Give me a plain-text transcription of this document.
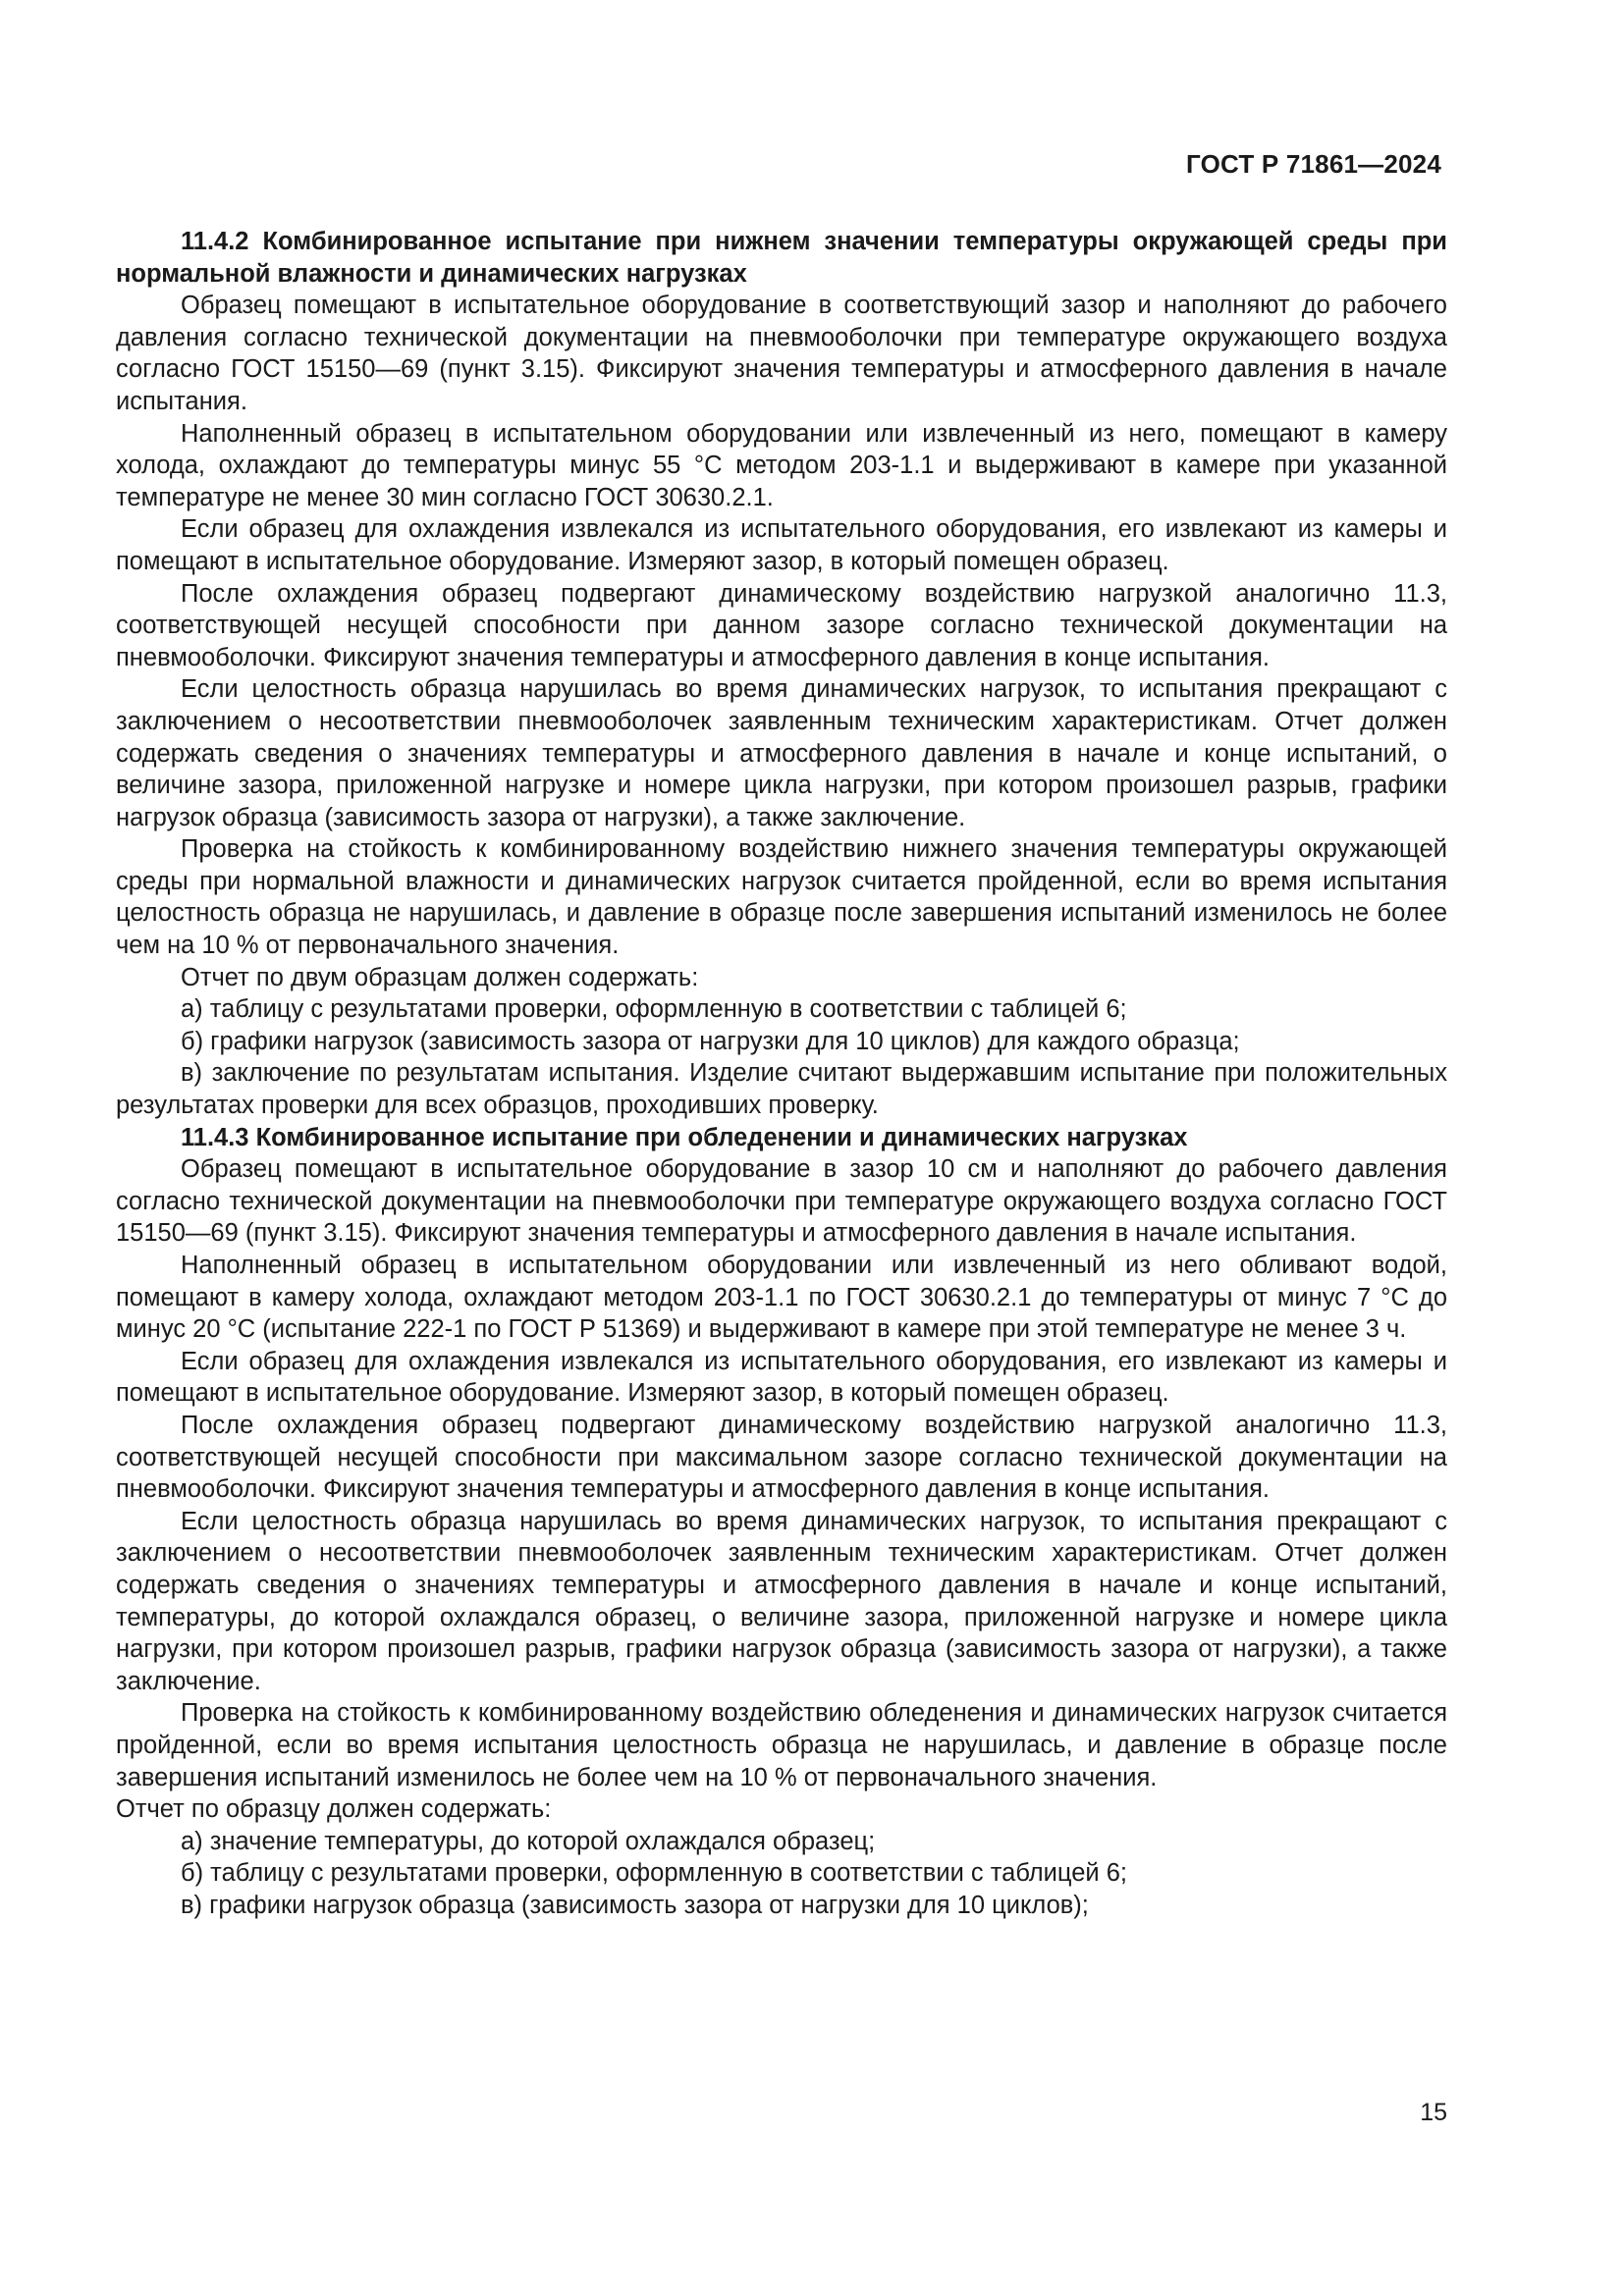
ГОСТ Р 71861—2024

11.4.2 Комбинированное испытание при нижнем значении температуры окружающей среды при нормальной влажности и динамических нагрузках

Образец помещают в испытательное оборудование в соответствующий зазор и наполняют до рабочего давления согласно технической документации на пневмооболочки при температуре окружающего воздуха согласно ГОСТ 15150—69 (пункт 3.15). Фиксируют значения температуры и атмосферного давления в начале испытания.

Наполненный образец в испытательном оборудовании или извлеченный из него, помещают в камеру холода, охлаждают до температуры минус 55 °С методом 203-1.1 и выдерживают в камере при указанной температуре не менее 30 мин согласно ГОСТ 30630.2.1.

Если образец для охлаждения извлекался из испытательного оборудования, его извлекают из камеры и помещают в испытательное оборудование. Измеряют зазор, в который помещен образец.

После охлаждения образец подвергают динамическому воздействию нагрузкой аналогично 11.3, соответствующей несущей способности при данном зазоре согласно технической документации на пневмооболочки. Фиксируют значения температуры и атмосферного давления в конце испытания.

Если целостность образца нарушилась во время динамических нагрузок, то испытания прекращают с заключением о несоответствии пневмооболочек заявленным техническим характеристикам. Отчет должен содержать сведения о значениях температуры и атмосферного давления в начале и конце испытаний, о величине зазора, приложенной нагрузке и номере цикла нагрузки, при котором произошел разрыв, графики нагрузок образца (зависимость зазора от нагрузки), а также заключение.

Проверка на стойкость к комбинированному воздействию нижнего значения температуры окружающей среды при нормальной влажности и динамических нагрузок считается пройденной, если во время испытания целостность образца не нарушилась, и давление в образце после завершения испытаний изменилось не более чем на 10 % от первоначального значения.

Отчет по двум образцам должен содержать:

а) таблицу с результатами проверки, оформленную в соответствии с таблицей 6;

б) графики нагрузок (зависимость зазора от нагрузки для 10 циклов) для каждого образца;

в) заключение по результатам испытания. Изделие считают выдержавшим испытание при положительных результатах проверки для всех образцов, проходивших проверку.

11.4.3 Комбинированное испытание при обледенении и динамических нагрузках

Образец помещают в испытательное оборудование в зазор 10 см и наполняют до рабочего давления согласно технической документации на пневмооболочки при температуре окружающего воздуха согласно ГОСТ 15150—69 (пункт 3.15). Фиксируют значения температуры и атмосферного давления в начале испытания.

Наполненный образец в испытательном оборудовании или извлеченный из него обливают водой, помещают в камеру холода, охлаждают методом 203-1.1 по ГОСТ 30630.2.1 до температуры от минус 7 °С до минус 20 °С (испытание 222-1 по ГОСТ Р 51369) и выдерживают в камере при этой температуре не менее 3 ч.

Если образец для охлаждения извлекался из испытательного оборудования, его извлекают из камеры и помещают в испытательное оборудование. Измеряют зазор, в который помещен образец.

После охлаждения образец подвергают динамическому воздействию нагрузкой аналогично 11.3, соответствующей несущей способности при максимальном зазоре согласно технической документации на пневмооболочки. Фиксируют значения температуры и атмосферного давления в конце испытания.

Если целостность образца нарушилась во время динамических нагрузок, то испытания прекращают с заключением о несоответствии пневмооболочек заявленным техническим характеристикам. Отчет должен содержать сведения о значениях температуры и атмосферного давления в начале и конце испытаний, температуры, до которой охлаждался образец, о величине зазора, приложенной нагрузке и номере цикла нагрузки, при котором произошел разрыв, графики нагрузок образца (зависимость зазора от нагрузки), а также заключение.

Проверка на стойкость к комбинированному воздействию обледенения и динамических нагрузок считается пройденной, если во время испытания целостность образца не нарушилась, и давление в образце после завершения испытаний изменилось не более чем на 10 % от первоначального значения.

Отчет по образцу должен содержать:

а) значение температуры, до которой охлаждался образец;

б) таблицу с результатами проверки, оформленную в соответствии с таблицей 6;

в) графики нагрузок образца (зависимость зазора от нагрузки для 10 циклов);

15
